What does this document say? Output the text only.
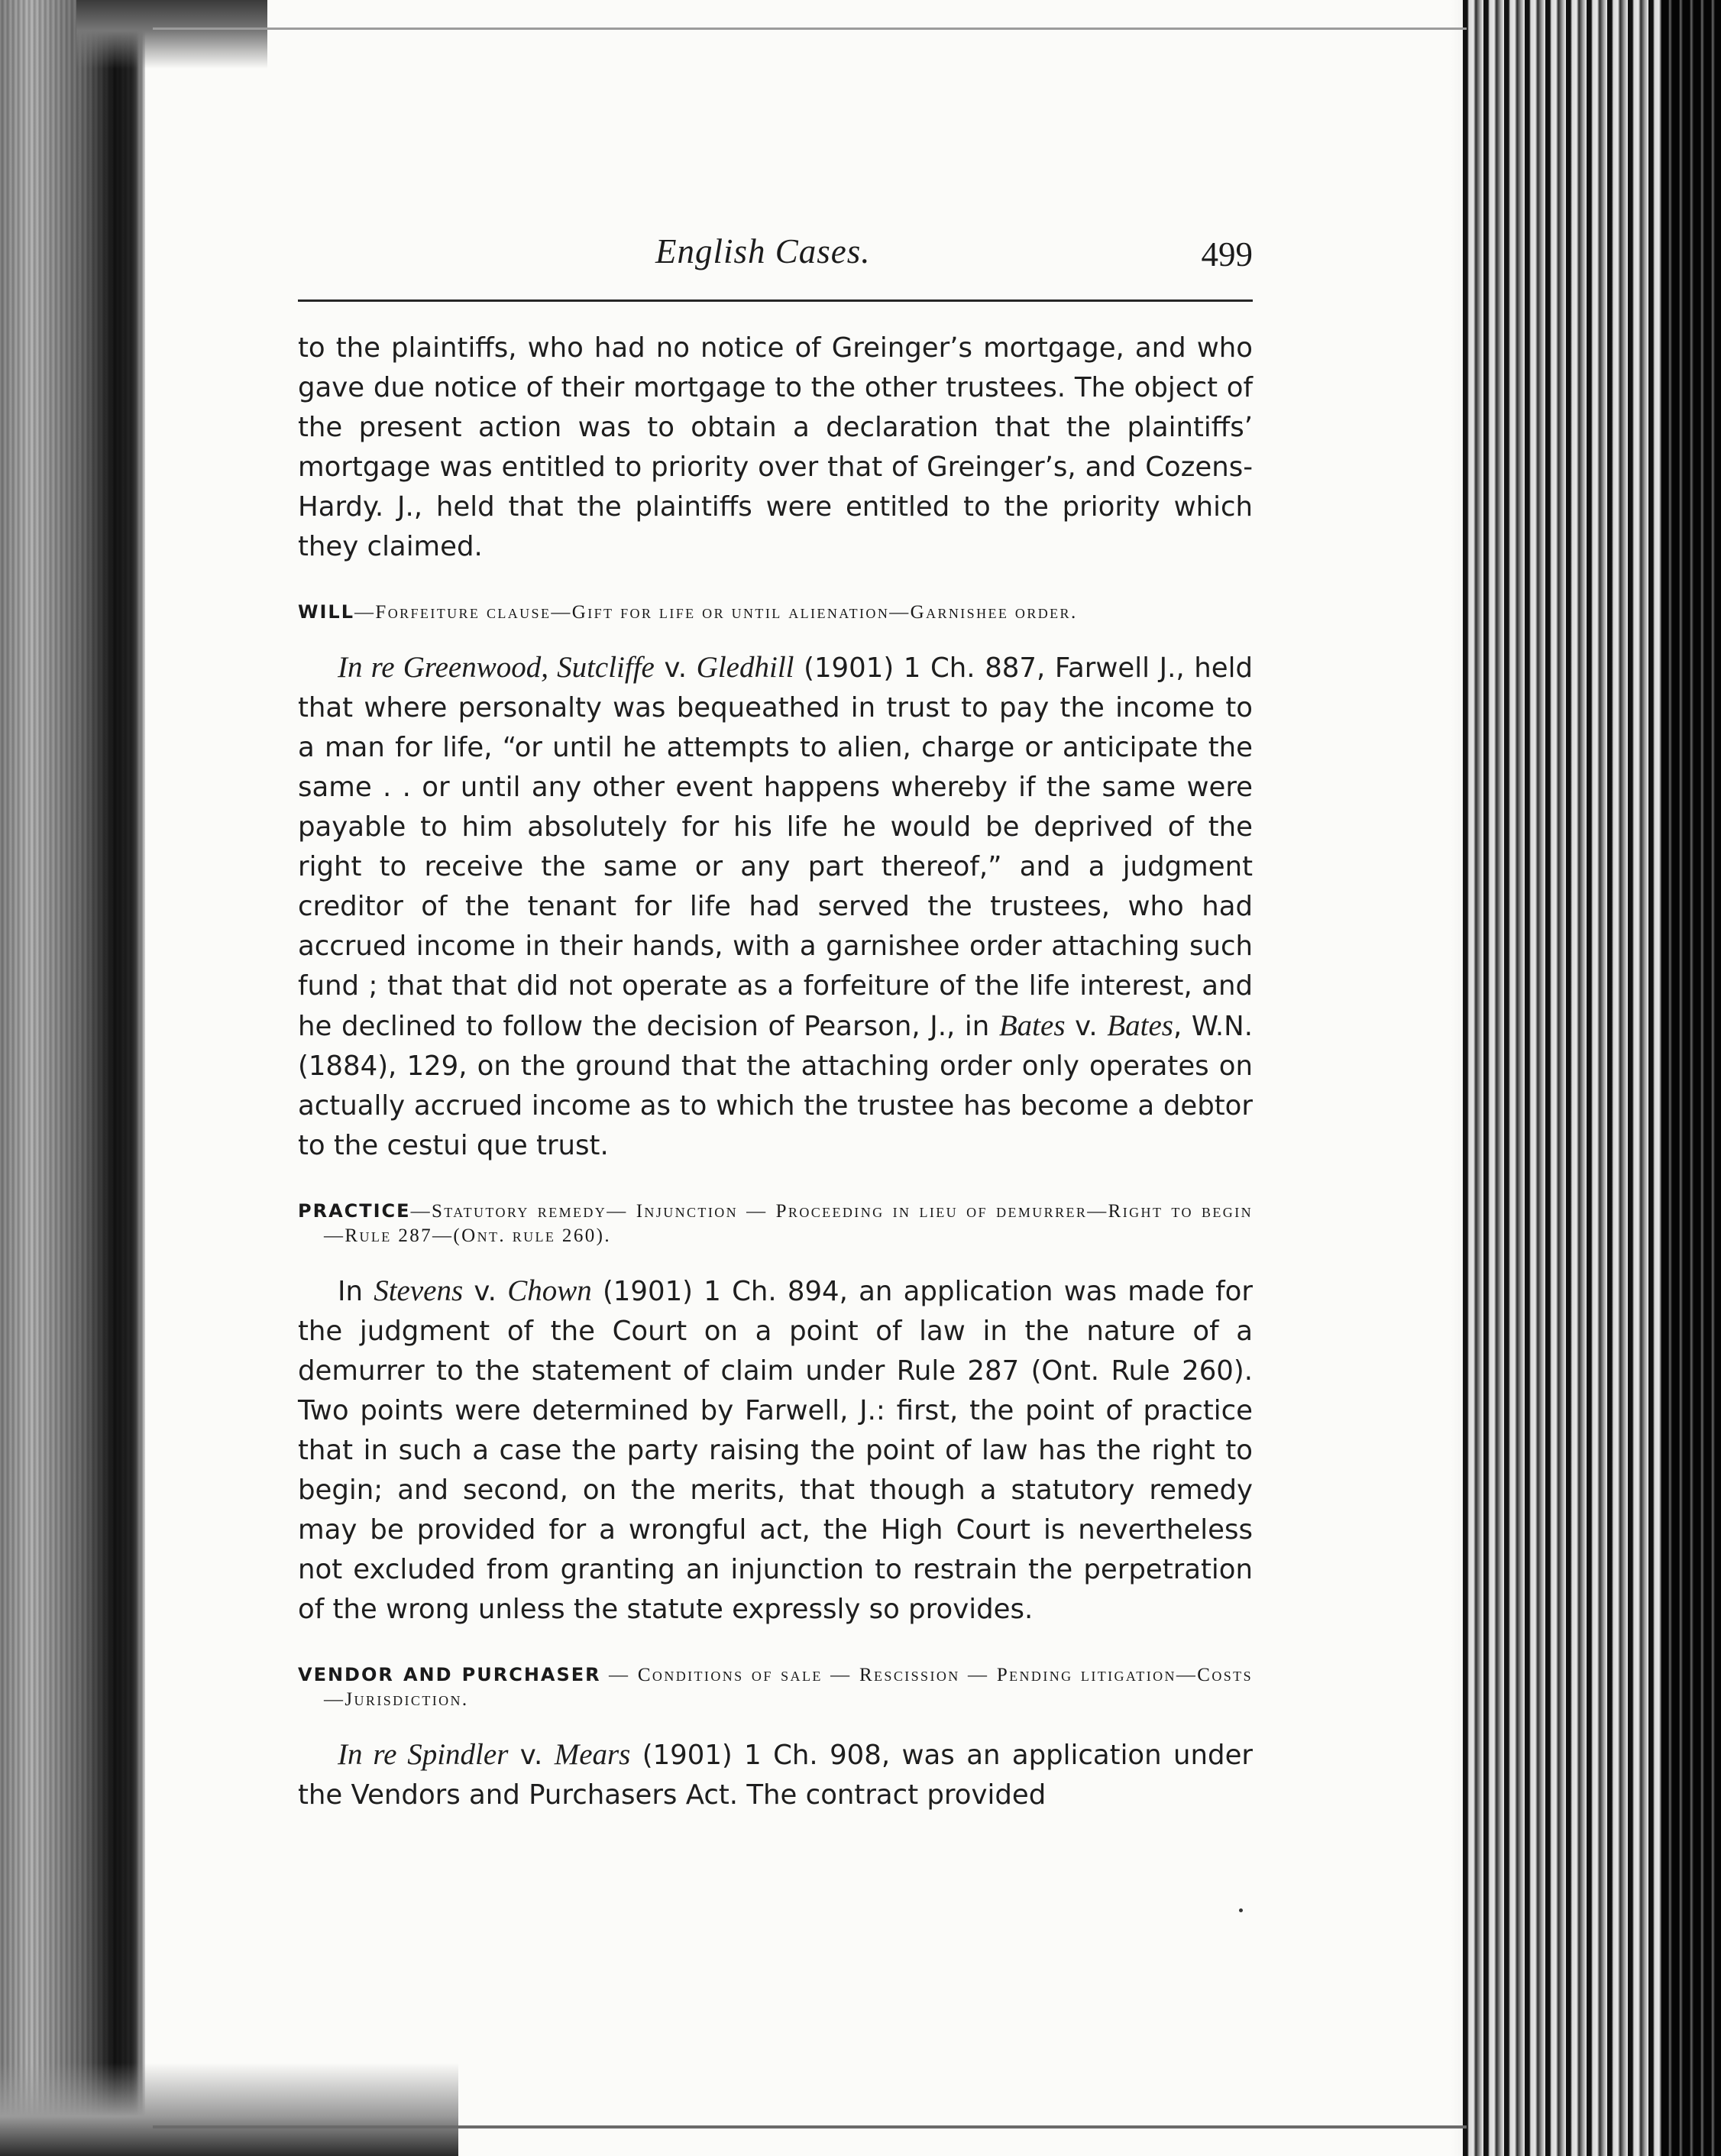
English Cases.	499

to the plaintiffs, who had no notice of Greinger’s mortgage, and who gave due notice of their mortgage to the other trustees. The object of the present action was to obtain a declaration that the plaintiffs’ mortgage was entitled to priority over that of Greinger’s, and Cozens-Hardy. J., held that the plaintiffs were entitled to the priority which they claimed.

WILL—Forfeiture clause—Gift for life or until alienation—Garnishee order.

In re Greenwood, Sutcliffe v. Gledhill (1901) 1 Ch. 887, Farwell J., held that where personalty was bequeathed in trust to pay the income to a man for life, “or until he attempts to alien, charge or anticipate the same . . or until any other event happens whereby if the same were payable to him absolutely for his life he would be deprived of the right to receive the same or any part thereof,” and a judgment creditor of the tenant for life had served the trustees, who had accrued income in their hands, with a garnishee order attaching such fund ; that that did not operate as a forfeiture of the life interest, and he declined to follow the decision of Pearson, J., in Bates v. Bates, W.N. (1884), 129, on the ground that the attaching order only operates on actually accrued income as to which the trustee has become a debtor to the cestui que trust.

PRACTICE—Statutory remedy— Injunction — Proceeding in lieu of demurrer—Right to begin—Rule 287—(Ont. rule 260).

In Stevens v. Chown (1901) 1 Ch. 894, an application was made for the judgment of the Court on a point of law in the nature of a demurrer to the statement of claim under Rule 287 (Ont. Rule 260). Two points were determined by Farwell, J.: first, the point of practice that in such a case the party raising the point of law has the right to begin; and second, on the merits, that though a statutory remedy may be provided for a wrongful act, the High Court is nevertheless not excluded from granting an injunction to restrain the perpetration of the wrong unless the statute expressly so provides.

VENDOR AND PURCHASER — Conditions of sale — Rescission — Pending litigation—Costs—Jurisdiction.

In re Spindler v. Mears (1901) 1 Ch. 908, was an application under the Vendors and Purchasers Act. The contract provided
